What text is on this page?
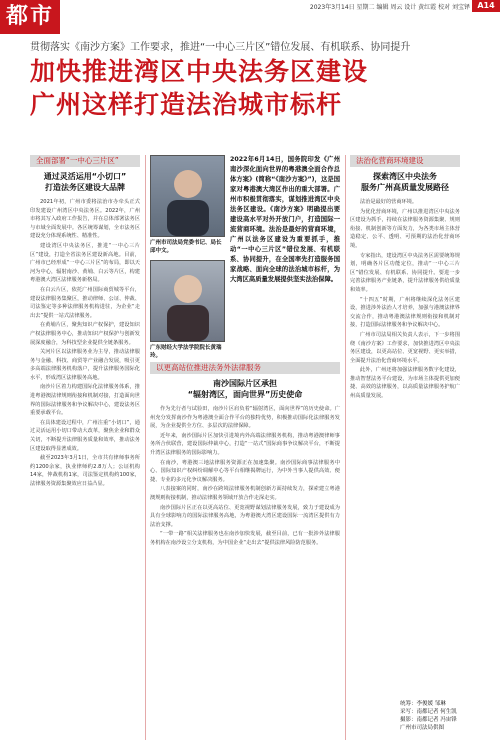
都市	2023年3月14日 星期二 编辑 周云 设计 黄红霞 校对 刘宝铎 A14
贯彻落实《南沙方案》工作要求，推进“一中心三片区”错位发展、有机联系、协同提升
加快推进湾区中央法务区建设
广州这样打造法治城市标杆
全面部署“一中心三片区”
通过灵活运用“小切口”
打造法务区建设大品牌

2021年初，广州市委将法治市办牵头正式印发建设广州湾区中央法务区。2022年，广州市将其写入政府工作报告，并在总体部署法务区与市域全面发展中。各区统筹谋划，全市法务区建设充分体现系统性、精准性。

建设湾区中央法务区，推进“一中心三片区”建设，打造全省法务区建设新高地。目前，广州市已经形成“一中心三片区”的布局，即以天河为中心，辐射南沙、黄埔、白云等片区，构建粤港澳大湾区法律服务新格局。

在白云片区，依托广州国际商贸城等平台，建设法律服务集聚区，推动律师、公证、仲裁、司法鉴定等多种法律服务机构进驻，为企业“走出去”提供一站式法律服务。

在黄埔片区，聚焦知识产权保护，建设知识产权法律服务中心，推动知识产权保护与创新发展深度融合，为科技型企业提供全链条服务。

关河片区以法律服务业为主导，推动法律服务与金融、科技、商贸等产业融合发展，吸引更多高端法律服务机构落户，提升法律服务国际化水平，形成湾区法律服务高地。

南沙片区着力构建国际化法律服务体系，推进粤港澳法律规则衔接和机制对接，打造面向世界的国际法律服务和争议解决中心，建设法务区重要承载平台。

在具体建设过程中，广州注重“小切口”，通过灵活运用小切口带动大改革，聚焦企业和群众关切，不断提升法律服务质量和效率，推动法务区建设取得显著成效。

截至2023年3月1日，全市共有律师事务所约1200余家，执业律师约2.8万人；公证机构14家，仲裁机构1家，司法鉴定机构约100家，法律服务资源集聚效应日益凸显。

广州市司法局党委书记、局长邱中文。
广东财经大学法学院院长黄瑞玲。
2022年6月14日，国务院印发《广州南沙深化面向世界的粤港澳全面合作总体方案》(简称“《南沙方案》”)，这是国家对粤港澳大湾区作出的重大部署。广州市积极贯彻落实，谋划推进湾区中央法务区建设。《南沙方案》明确提出要建设高水平对外开放门户，打造国际一流营商环境。法治是最好的营商环境，广州以法务区建设为重要抓手，推动“一中心三片区”错位发展、有机联系、协同提升，在全国率先打造服务国家战略、面向全球的法治城市标杆，为大湾区高质量发展提供坚实法治保障。
以更高站位推进法务外法律服务
南沙国际片区承担
“辐射湾区，面向世界”历史使命

作为先行者与试验田，南沙片区肩负着“辐射湾区，面向世界”的历史使命。广州充分发挥南沙作为粤港澳全面合作平台的独特优势，积极推动国际化法律服务发展，为企业提供全方位、多层次的法律保障。

近年来，南沙国际片区加快引进境内外高端法律服务机构，推动粤港澳律师事务所合伙联营，建设国际仲裁中心，打造“一站式”国际商事争议解决平台，不断提升湾区法律服务的国际影响力。

在南沙，粤港澳三地法律服务资源正在加速集聚。南沙国际商事法律服务中心、国际知识产权纠纷调解中心等平台相继揭牌运行，为中外当事人提供高效、便捷、专业的多元化争议解决服务。

八表接案的同时，南沙在跨境法律服务机制创新方面持续发力，探索建立粤港澳规则衔接机制，推动法律服务领域开放合作走深走实。

南沙国际片区正在以更高站位、更宽视野谋划法律服务发展，致力于建设成为具有全球影响力的国际法律服务高地，为粤港澳大湾区建设国际一流湾区提供有力法治支撑。

“一带一路”相关法律服务也在南沙加快发展，截至目前，已有一批涉外法律服务机构在南沙设立分支机构，为中国企业“走出去”提供法律风险防范服务。

法治化营商环境建设
探索湾区中央法务
服务广州高质量发展路径

法治是最好的营商环境。

为优化营商环境，广州以推进湾区中央法务区建设为抓手，持续在法律服务资源集聚、规则衔接、机制创新等方面发力，为各类市场主体营造稳定、公平、透明、可预期的法治化营商环境。

专家指出，建设湾区中央法务区需要统筹规划，明确各片区功能定位，推动“一中心三片区”错位发展、有机联系、协同提升。要进一步完善法律服务产业链条，提升法律服务供给质量和效率。

“十四五”时期，广州将继续深化法务区建设，推进涉外法治人才培养，加强与港澳法律界交流合作，推动粤港澳法律规则衔接和机制对接，打造国际法律服务和争议解决中心。

广州市司法局相关负责人表示，下一步将围绕《南沙方案》工作要求，加快推进湾区中央法务区建设，以更高站位、更宽视野、更实举措，全面提升法治化营商环境水平。

此外，广州还将加强法律服务数字化建设，推动智慧法务平台建设，为市场主体提供更加便捷、高效的法律服务，以高质量法律服务护航广州高质量发展。

统筹：李俊媛 邹琳
采写：南都记者 何生凯
摄影：南都记者 冯宙锋
广州市司法局供图
